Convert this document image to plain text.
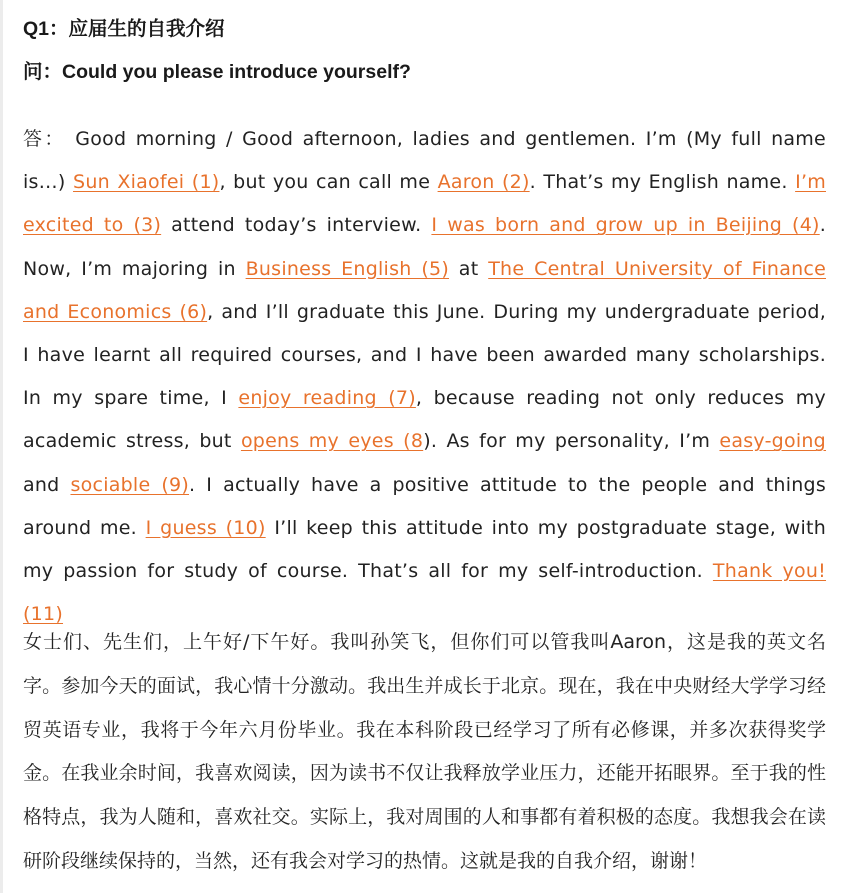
Q1：应届生的自我介绍
问：Could you please introduce yourself?
答： Good morning / Good afternoon, ladies and gentlemen. I’m (My full name is…) Sun Xiaofei (1), but you can call me Aaron (2). That’s my English name. I’m excited to (3) attend today’s interview. I was born and grow up in Beijing (4). Now, I’m majoring in Business English (5) at The Central University of Finance and Economics (6), and I’ll graduate this June. During my undergraduate period, I have learnt all required courses, and I have been awarded many scholarships. In my spare time, I enjoy reading (7), because reading not only reduces my academic stress, but opens my eyes (8). As for my personality, I’m easy-going and sociable (9). I actually have a positive attitude to the people and things around me. I guess (10) I’ll keep this attitude into my postgraduate stage, with my passion for study of course. That’s all for my self-introduction. Thank you! (11)
女士们、先生们，上午好/下午好。我叫孙笑飞，但你们可以管我叫Aaron，这是我的英文名字。参加今天的面试，我心情十分激动。我出生并成长于北京。现在，我在中央财经大学学习经贸英语专业，我将于今年六月份毕业。我在本科阶段已经学习了所有必修课，并多次获得奖学金。在我业余时间，我喜欢阅读，因为读书不仅让我释放学业压力，还能开拓眼界。至于我的性格特点，我为人随和，喜欢社交。实际上，我对周围的人和事都有着积极的态度。我想我会在读研阶段继续保持的，当然，还有我会对学习的热情。这就是我的自我介绍，谢谢！
